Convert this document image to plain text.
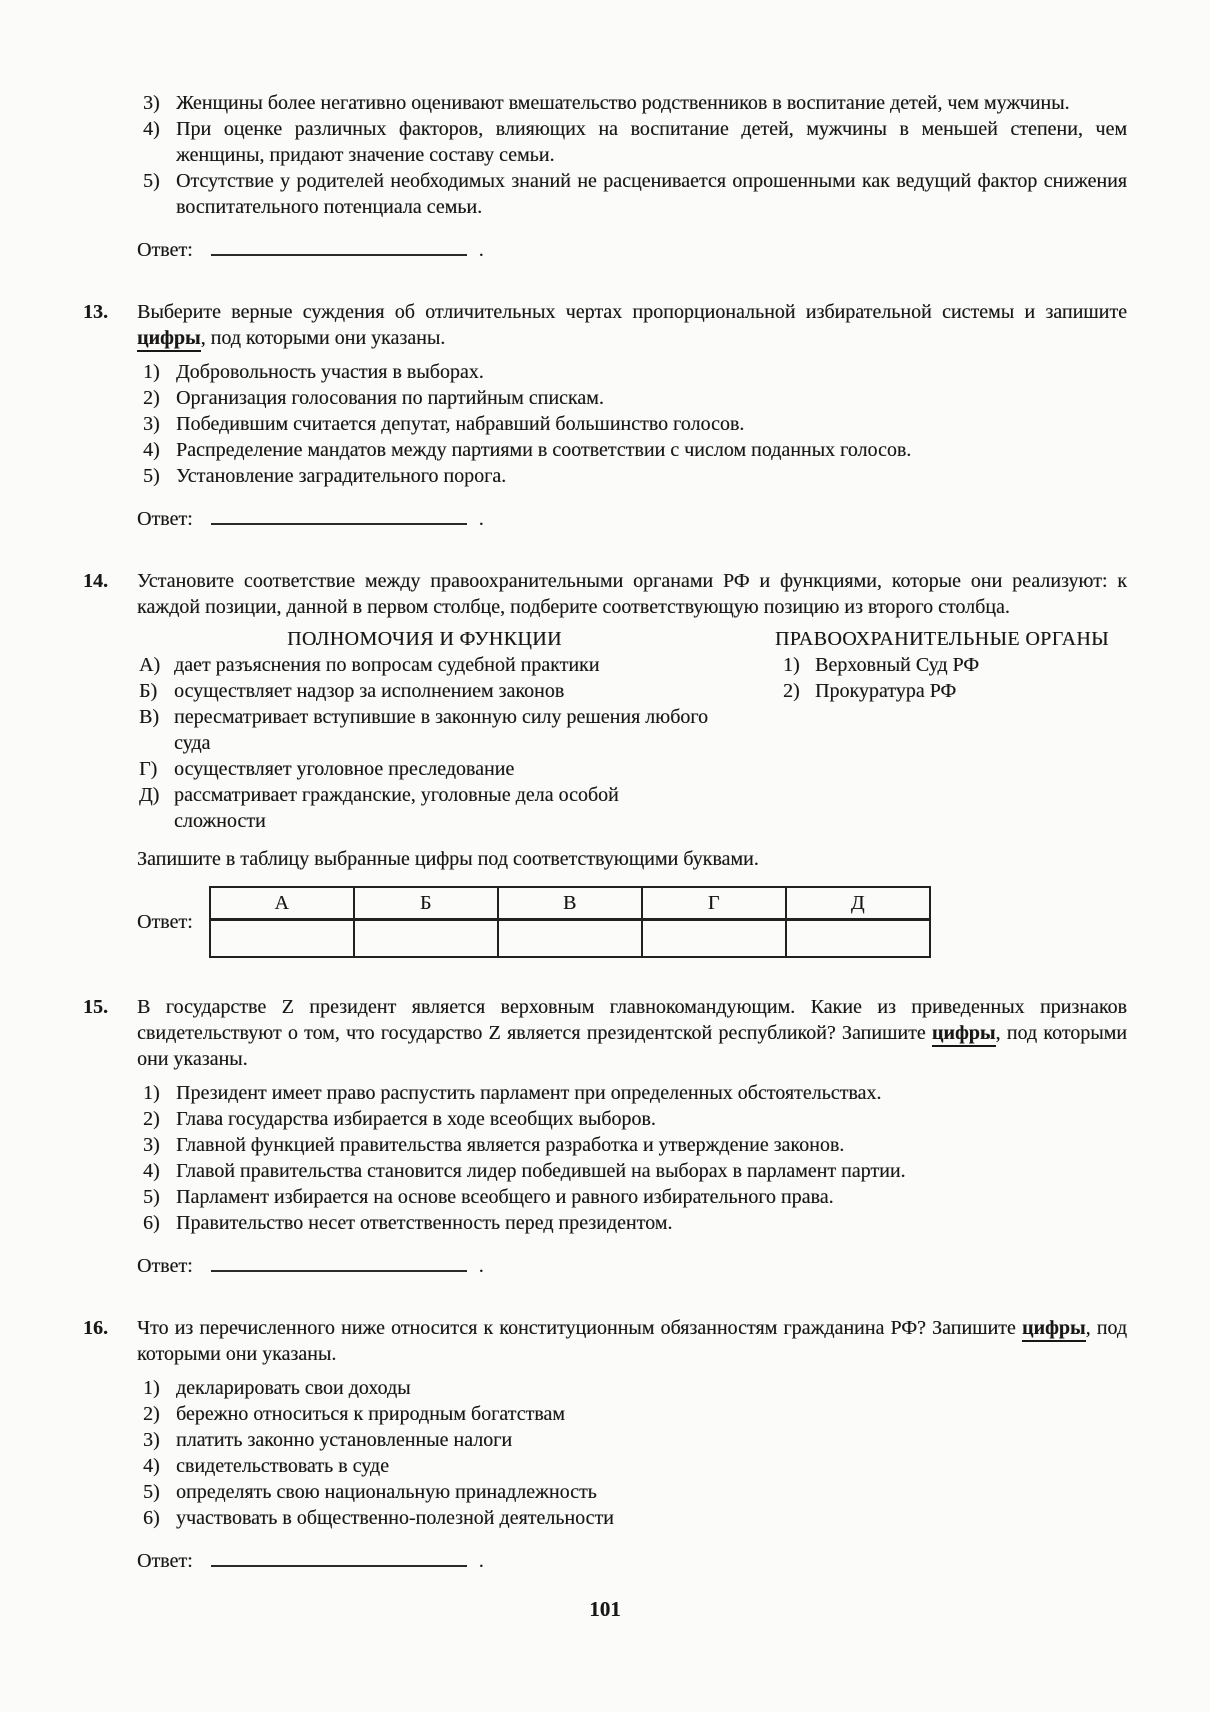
3) Женщины более негативно оценивают вмешательство родственников в воспитание детей, чем мужчины.
4) При оценке различных факторов, влияющих на воспитание детей, мужчины в меньшей степени, чем женщины, придают значение составу семьи.
5) Отсутствие у родителей необходимых знаний не расценивается опрошенными как ведущий фактор снижения воспитательного потенциала семьи.
Ответ:	.
13.	Выберите верные суждения об отличительных чертах пропорциональной избирательной системы и запишите цифры, под которыми они указаны.

1) Добровольность участия в выборах.
2) Организация голосования по партийным спискам.
3) Победившим считается депутат, набравший большинство голосов.
4) Распределение мандатов между партиями в соответствии с числом поданных голосов.
5) Установление заградительного порога.
Ответ:	.
14.	Установите соответствие между правоохранительными органами РФ и функциями, которые они реализуют: к каждой позиции, данной в первом столбце, подберите соответствующую позицию из второго столбца.

ПОЛНОМОЧИЯ И ФУНКЦИИ
А) дает разъяснения по вопросам судебной практики
Б) осуществляет надзор за исполнением законов
В) пересматривает вступившие в законную силу решения любого суда
Г) осуществляет уголовное преследование
Д) рассматривает гражданские, уголовные дела особой сложности
ПРАВООХРАНИТЕЛЬНЫЕ ОРГАНЫ
1) Верховный Суд РФ
2) Прокуратура РФ

Запишите в таблицу выбранные цифры под соответствующими буквами.

Ответ:
А	Б	В	Г	Д

15.	В государстве Z президент является верховным главнокомандующим. Какие из приведенных признаков свидетельствуют о том, что государство Z является президентской республикой? Запишите цифры, под которыми они указаны.

1) Президент имеет право распустить парламент при определенных обстоятельствах.
2) Глава государства избирается в ходе всеобщих выборов.
3) Главной функцией правительства является разработка и утверждение законов.
4) Главой правительства становится лидер победившей на выборах в парламент партии.
5) Парламент избирается на основе всеобщего и равного избирательного права.
6) Правительство несет ответственность перед президентом.
Ответ:	.
16.	Что из перечисленного ниже относится к конституционным обязанностям гражданина РФ? Запишите цифры, под которыми они указаны.

1) декларировать свои доходы
2) бережно относиться к природным богатствам
3) платить законно установленные налоги
4) свидетельствовать в суде
5) определять свою национальную принадлежность
6) участвовать в общественно-полезной деятельности
Ответ:	.
101
